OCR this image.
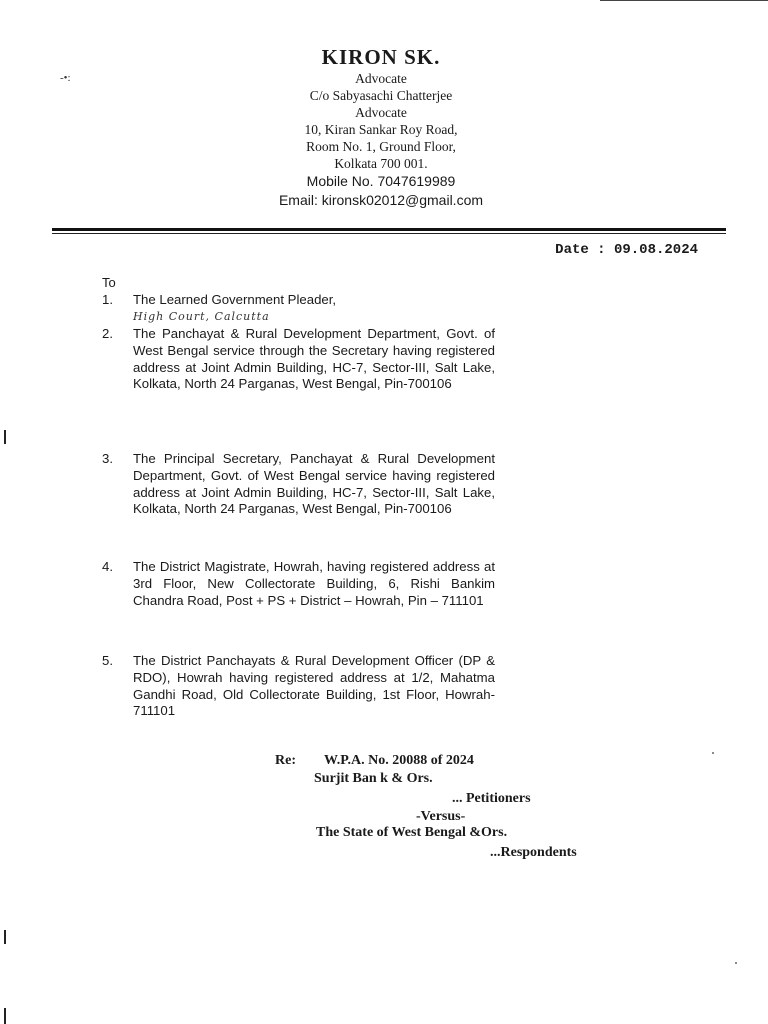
-•:
KIRON SK.
Advocate
C/o Sabyasachi Chatterjee
Advocate
10, Kiran Sankar Roy Road,
Room No. 1, Ground Floor,
Kolkata 700 001.
Mobile No. 7047619989
Email: kironsk02012@gmail.com
Date : 09.08.2024
To
1. The Learned Government Pleader,
High Court, Calcutta
2. The Panchayat & Rural Development Department, Govt. of West Bengal service through the Secretary having registered address at Joint Admin Building, HC-7, Sector-III, Salt Lake, Kolkata, North 24 Parganas, West Bengal, Pin-700106
3. The Principal Secretary, Panchayat & Rural Development Department, Govt. of West Bengal service having registered address at Joint Admin Building, HC-7, Sector-III, Salt Lake, Kolkata, North 24 Parganas, West Bengal, Pin-700106
4. The District Magistrate, Howrah, having registered address at 3rd Floor, New Collectorate Building, 6, Rishi Bankim Chandra Road, Post + PS + District – Howrah, Pin – 711101
5. The District Panchayats & Rural Development Officer (DP & RDO), Howrah having registered address at 1/2, Mahatma Gandhi Road, Old Collectorate Building, 1st Floor, Howrah-711101
Re: W.P.A. No. 20088 of 2024
Surjit Ban k & Ors.
... Petitioners
-Versus-
The State of West Bengal &Ors.
...Respondents
